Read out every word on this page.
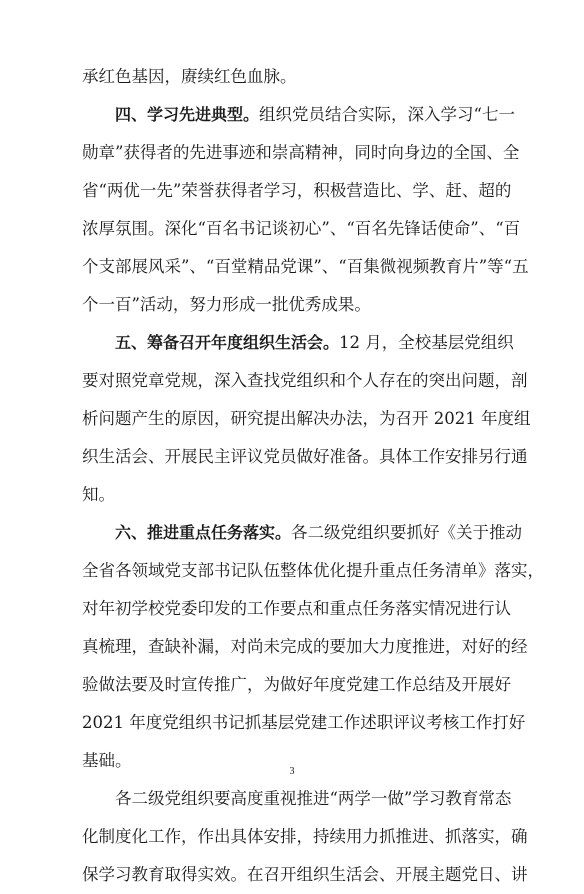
承红色基因，赓续红色血脉。
四、学习先进典型。组织党员结合实际，深入学习“七一
勋章”获得者的先进事迹和崇高精神，同时向身边的全国、全
省“两优一先”荣誉获得者学习，积极营造比、学、赶、超的
浓厚氛围。深化“百名书记谈初心”、“百名先锋话使命”、“百
个支部展风采”、“百堂精品党课”、“百集微视频教育片”等“五
个一百”活动，努力形成一批优秀成果。
五、筹备召开年度组织生活会。12 月，全校基层党组织
要对照党章党规，深入查找党组织和个人存在的突出问题，剖
析问题产生的原因，研究提出解决办法，为召开 2021 年度组
织生活会、开展民主评议党员做好准备。具体工作安排另行通
知。
六、推进重点任务落实。各二级党组织要抓好《关于推动
全省各领域党支部书记队伍整体优化提升重点任务清单》落实，
对年初学校党委印发的工作要点和重点任务落实情况进行认
真梳理，查缺补漏，对尚未完成的要加大力度推进，对好的经
验做法要及时宣传推广，为做好年度党建工作总结及开展好
2021 年度党组织书记抓基层党建工作述职评议考核工作打好
基础。
各二级党组织要高度重视推进“两学一做”学习教育常态
化制度化工作，作出具体安排，持续用力抓推进、抓落实，确
保学习教育取得实效。在召开组织生活会、开展主题党日、讲
3
